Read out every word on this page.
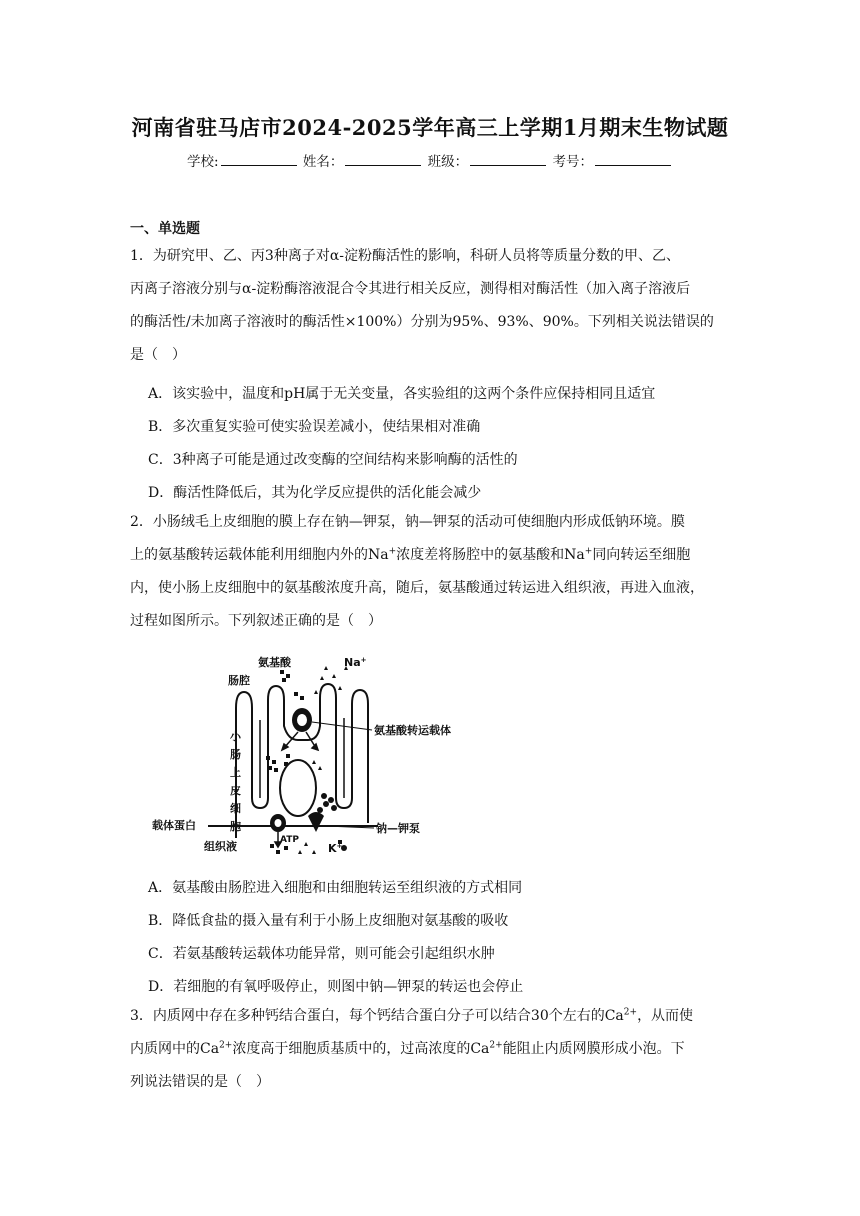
河南省驻马店市2024-2025学年高三上学期1月期末生物试题
学校:	姓名：	班级：	考号：
一、单选题
1．为研究甲、乙、丙3种离子对α-淀粉酶活性的影响，科研人员将等质量分数的甲、乙、
丙离子溶液分别与α-淀粉酶溶液混合令其进行相关反应，测得相对酶活性（加入离子溶液后
的酶活性/未加离子溶液时的酶活性×100%）分别为95%、93%、90%。下列相关说法错误的
是（　）
A．该实验中，温度和pH属于无关变量，各实验组的这两个条件应保持相同且适宜
B．多次重复实验可使实验误差减小，使结果相对准确
C．3种离子可能是通过改变酶的空间结构来影响酶的活性的
D．酶活性降低后，其为化学反应提供的活化能会减少
2．小肠绒毛上皮细胞的膜上存在钠—钾泵，钠—钾泵的活动可使细胞内形成低钠环境。膜
上的氨基酸转运载体能利用细胞内外的Na+浓度差将肠腔中的氨基酸和Na+同向转运至细胞
内，使小肠上皮细胞中的氨基酸浓度升高，随后，氨基酸通过转运进入组织液，再进入血液，
过程如图所示。下列叙述正确的是（　）
氨基酸	Na+
肠腔
氨基酸转运载体
小
肠
上
皮
细
胞
载体蛋白	钠—钾泵
组织液	ATP
K+
A．氨基酸由肠腔进入细胞和由细胞转运至组织液的方式相同
B．降低食盐的摄入量有利于小肠上皮细胞对氨基酸的吸收
C．若氨基酸转运载体功能异常，则可能会引起组织水肿
D．若细胞的有氧呼吸停止，则图中钠—钾泵的转运也会停止
3．内质网中存在多种钙结合蛋白，每个钙结合蛋白分子可以结合30个左右的$Ca^{2+}$，从而使
内质网中的$Ca^{2+}$浓度高于细胞质基质中的，过高浓度的$Ca^{2+}$能阻止内质网膜形成小泡。下
列说法错误的是（　）
